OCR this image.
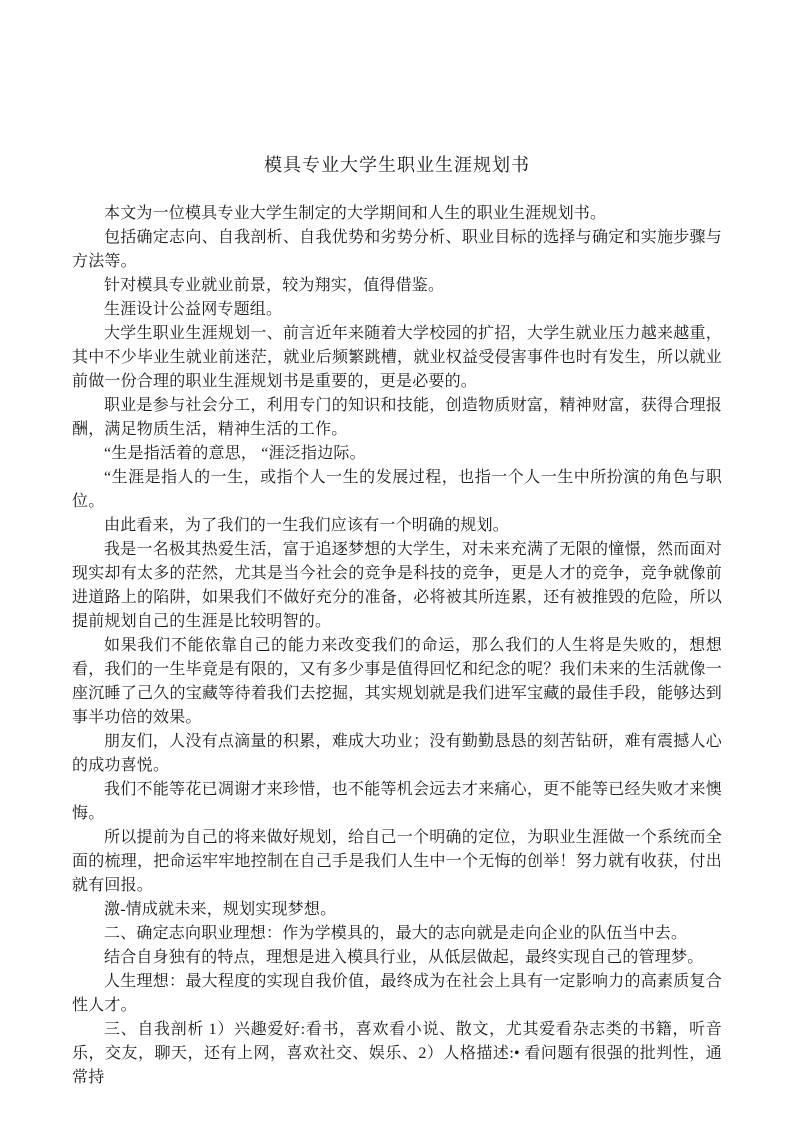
模具专业大学生职业生涯规划书

本文为一位模具专业大学生制定的大学期间和人生的职业生涯规划书。

包括确定志向、自我剖析、自我优势和劣势分析、职业目标的选择与确定和实施步骤与方法等。

针对模具专业就业前景，较为翔实，值得借鉴。

生涯设计公益网专题组。

大学生职业生涯规划一、前言近年来随着大学校园的扩招，大学生就业压力越来越重，其中不少毕业生就业前迷茫，就业后频繁跳槽，就业权益受侵害事件也时有发生，所以就业前做一份合理的职业生涯规划书是重要的，更是必要的。

职业是参与社会分工，利用专门的知识和技能，创造物质财富，精神财富，获得合理报酬，满足物质生活，精神生活的工作。

“生是指活着的意思， “涯泛指边际。

“生涯是指人的一生，或指个人一生的发展过程，也指一个人一生中所扮演的角色与职位。

由此看来，为了我们的一生我们应该有一个明确的规划。

我是一名极其热爱生活，富于追逐梦想的大学生，对未来充满了无限的憧憬，然而面对现实却有太多的茫然，尤其是当今社会的竞争是科技的竞争，更是人才的竞争，竞争就像前进道路上的陷阱，如果我们不做好充分的准备，必将被其所连累，还有被推毁的危险，所以提前规划自己的生涯是比较明智的。

如果我们不能依靠自己的能力来改变我们的命运，那么我们的人生将是失败的，想想看，我们的一生毕竟是有限的，又有多少事是值得回忆和纪念的呢？我们未来的生活就像一座沉睡了己久的宝藏等待着我们去挖掘，其实规划就是我们进军宝藏的最佳手段，能够达到事半功倍的效果。

朋友们，人没有点滴量的积累，难成大功业；没有勤勤恳恳的刻苦钻研，难有震撼人心的成功喜悦。

我们不能等花已凋谢才来珍惜，也不能等机会远去才来痛心，更不能等已经失败才来懊悔。

所以提前为自己的将来做好规划，给自己一个明确的定位，为职业生涯做一个系统而全面的梳理，把命运牢牢地控制在自己手是我们人生中一个无悔的创举！努力就有收获，付出就有回报。

激-情成就未来，规划实现梦想。

二、确定志向职业理想：作为学模具的，最大的志向就是走向企业的队伍当中去。

结合自身独有的特点，理想是进入模具行业，从低层做起，最终实现自己的管理梦。

人生理想：最大程度的实现自我价值，最终成为在社会上具有一定影响力的高素质复合性人才。

三、自我剖析 1）兴趣爱好:看书，喜欢看小说、散文，尤其爱看杂志类的书籍，听音乐，交友，聊天，还有上网，喜欢社交、娱乐、2）人格描述:• 看问题有很强的批判性，通常持
